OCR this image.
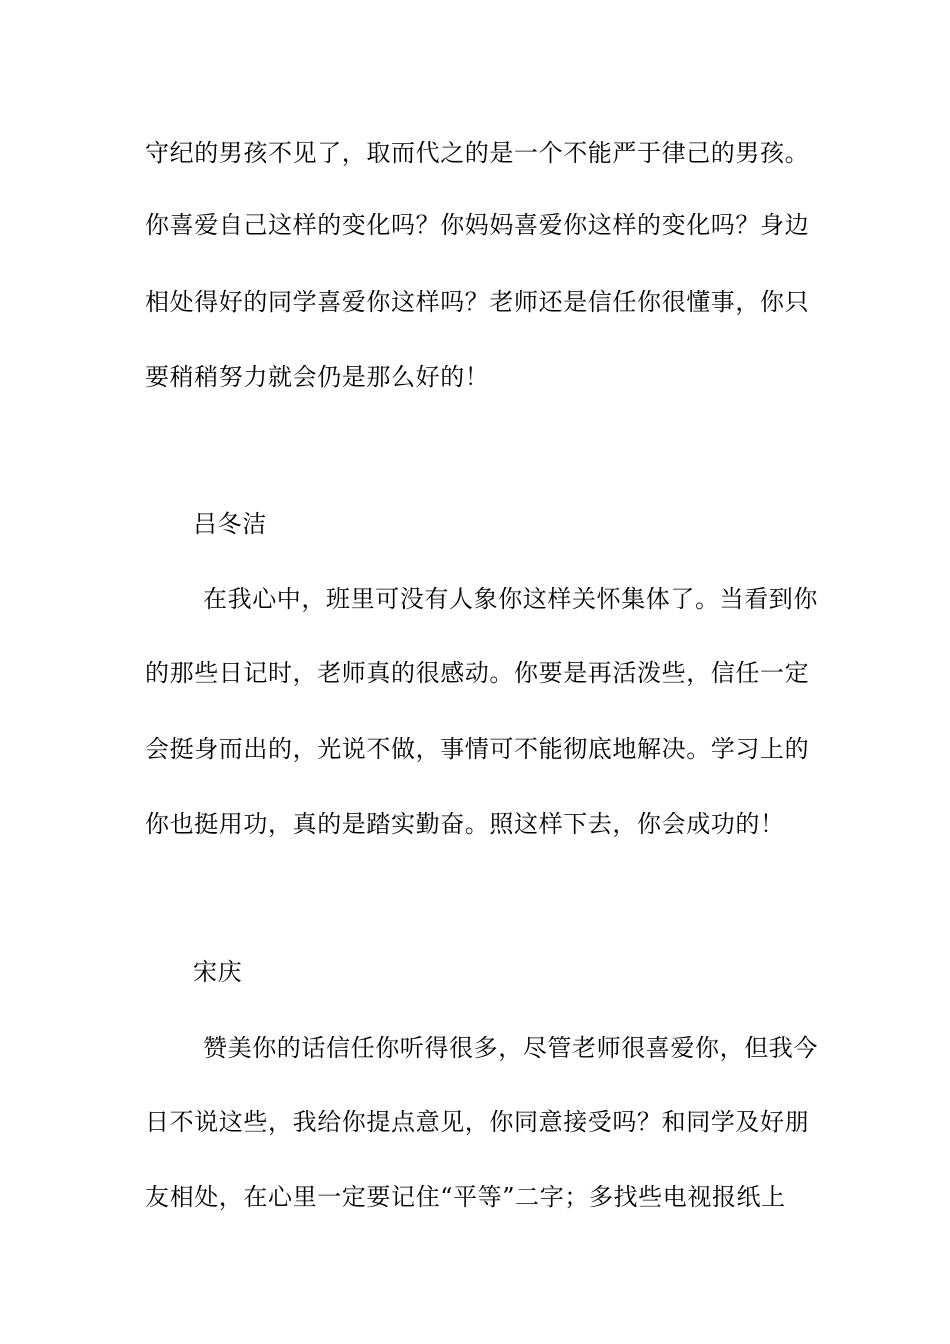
守纪的男孩不见了，取而代之的是一个不能严于律己的男孩。
你喜爱自己这样的变化吗？你妈妈喜爱你这样的变化吗？身边
相处得好的同学喜爱你这样吗？老师还是信任你很懂事，你只
要稍稍努力就会仍是那么好的！
吕冬洁
在我心中，班里可没有人象你这样关怀集体了。当看到你
的那些日记时，老师真的很感动。你要是再活泼些，信任一定
会挺身而出的，光说不做，事情可不能彻底地解决。学习上的
你也挺用功，真的是踏实勤奋。照这样下去，你会成功的！
宋庆
赞美你的话信任你听得很多，尽管老师很喜爱你，但我今
日不说这些，我给你提点意见，你同意接受吗？和同学及好朋
友相处，在心里一定要记住“平等”二字；多找些电视报纸上
